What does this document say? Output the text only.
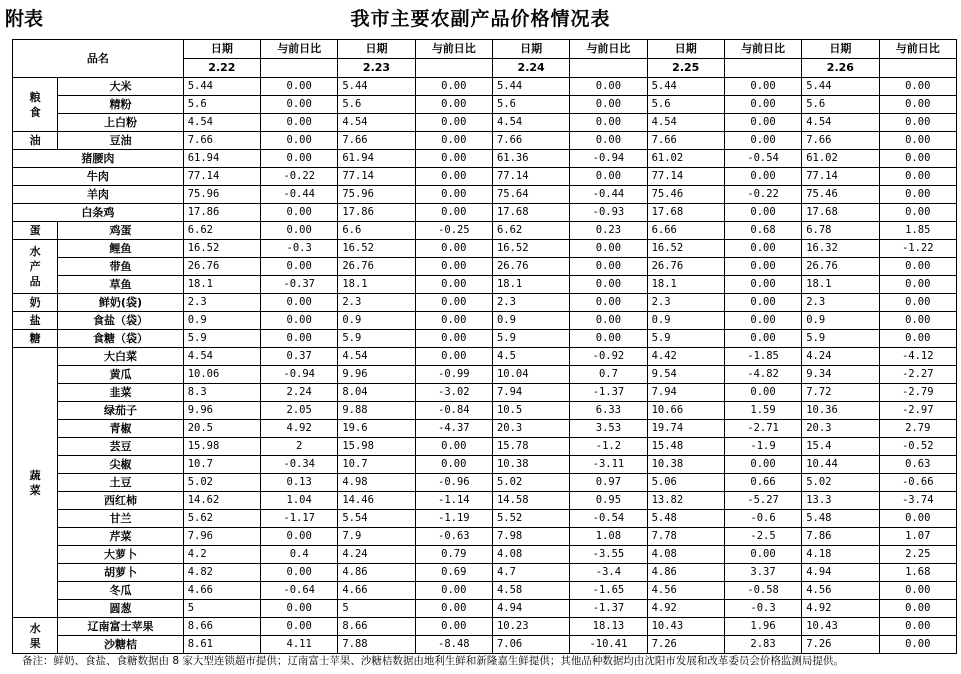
附表	我市主要农副产品价格情况表
品名		日期	与前日比	日期	与前日比	日期	与前日比	日期	与前日比	日期	与前日比
		2.22		2.23		2.24		2.25		2.26	
粮
食	大米	5.44	0.00	5.44	0.00	5.44	0.00	5.44	0.00	5.44	0.00
	精粉	5.6	0.00	5.6	0.00	5.6	0.00	5.6	0.00	5.6	0.00
	上白粉	4.54	0.00	4.54	0.00	4.54	0.00	4.54	0.00	4.54	0.00
油	豆油	7.66	0.00	7.66	0.00	7.66	0.00	7.66	0.00	7.66	0.00
猪腰肉		61.94	0.00	61.94	0.00	61.36	-0.94	61.02	-0.54	61.02	0.00
牛肉		77.14	-0.22	77.14	0.00	77.14	0.00	77.14	0.00	77.14	0.00
羊肉		75.96	-0.44	75.96	0.00	75.64	-0.44	75.46	-0.22	75.46	0.00
白条鸡		17.86	0.00	17.86	0.00	17.68	-0.93	17.68	0.00	17.68	0.00
蛋	鸡蛋	6.62	0.00	6.6	-0.25	6.62	0.23	6.66	0.68	6.78	1.85
水
产
品	鲤鱼	16.52	-0.3	16.52	0.00	16.52	0.00	16.52	0.00	16.32	-1.22
	带鱼	26.76	0.00	26.76	0.00	26.76	0.00	26.76	0.00	26.76	0.00
	草鱼	18.1	-0.37	18.1	0.00	18.1	0.00	18.1	0.00	18.1	0.00
奶	鲜奶(袋)	2.3	0.00	2.3	0.00	2.3	0.00	2.3	0.00	2.3	0.00
盐	食盐（袋）	0.9	0.00	0.9	0.00	0.9	0.00	0.9	0.00	0.9	0.00
糖	食糖（袋）	5.9	0.00	5.9	0.00	5.9	0.00	5.9	0.00	5.9	0.00
蔬
菜	大白菜	4.54	0.37	4.54	0.00	4.5	-0.92	4.42	-1.85	4.24	-4.12
	黄瓜	10.06	-0.94	9.96	-0.99	10.04	0.7	9.54	-4.82	9.34	-2.27
	韭菜	8.3	2.24	8.04	-3.02	7.94	-1.37	7.94	0.00	7.72	-2.79
	绿茄子	9.96	2.05	9.88	-0.84	10.5	6.33	10.66	1.59	10.36	-2.97
	青椒	20.5	4.92	19.6	-4.37	20.3	3.53	19.74	-2.71	20.3	2.79
	芸豆	15.98	2	15.98	0.00	15.78	-1.2	15.48	-1.9	15.4	-0.52
	尖椒	10.7	-0.34	10.7	0.00	10.38	-3.11	10.38	0.00	10.44	0.63
	土豆	5.02	0.13	4.98	-0.96	5.02	0.97	5.06	0.66	5.02	-0.66
	西红柿	14.62	1.04	14.46	-1.14	14.58	0.95	13.82	-5.27	13.3	-3.74
	甘兰	5.62	-1.17	5.54	-1.19	5.52	-0.54	5.48	-0.6	5.48	0.00
	芹菜	7.96	0.00	7.9	-0.63	7.98	1.08	7.78	-2.5	7.86	1.07
	大萝卜	4.2	0.4	4.24	0.79	4.08	-3.55	4.08	0.00	4.18	2.25
	胡萝卜	4.82	0.00	4.86	0.69	4.7	-3.4	4.86	3.37	4.94	1.68
	冬瓜	4.66	-0.64	4.66	0.00	4.58	-1.65	4.56	-0.58	4.56	0.00
	圆葱	5	0.00	5	0.00	4.94	-1.37	4.92	-0.3	4.92	0.00
水
果	辽南富士苹果	8.66	0.00	8.66	0.00	10.23	18.13	10.43	1.96	10.43	0.00
	沙糖桔	8.61	4.11	7.88	-8.48	7.06	-10.41	7.26	2.83	7.26	0.00
备注：鲜奶、食盐、食糖数据由 8 家大型连锁超市提供；辽南富士苹果、沙糖桔数据由地利生鲜和新隆嘉生鲜提供；其他品种数据均由沈阳市发展和改革委员会价格监测局提供。
